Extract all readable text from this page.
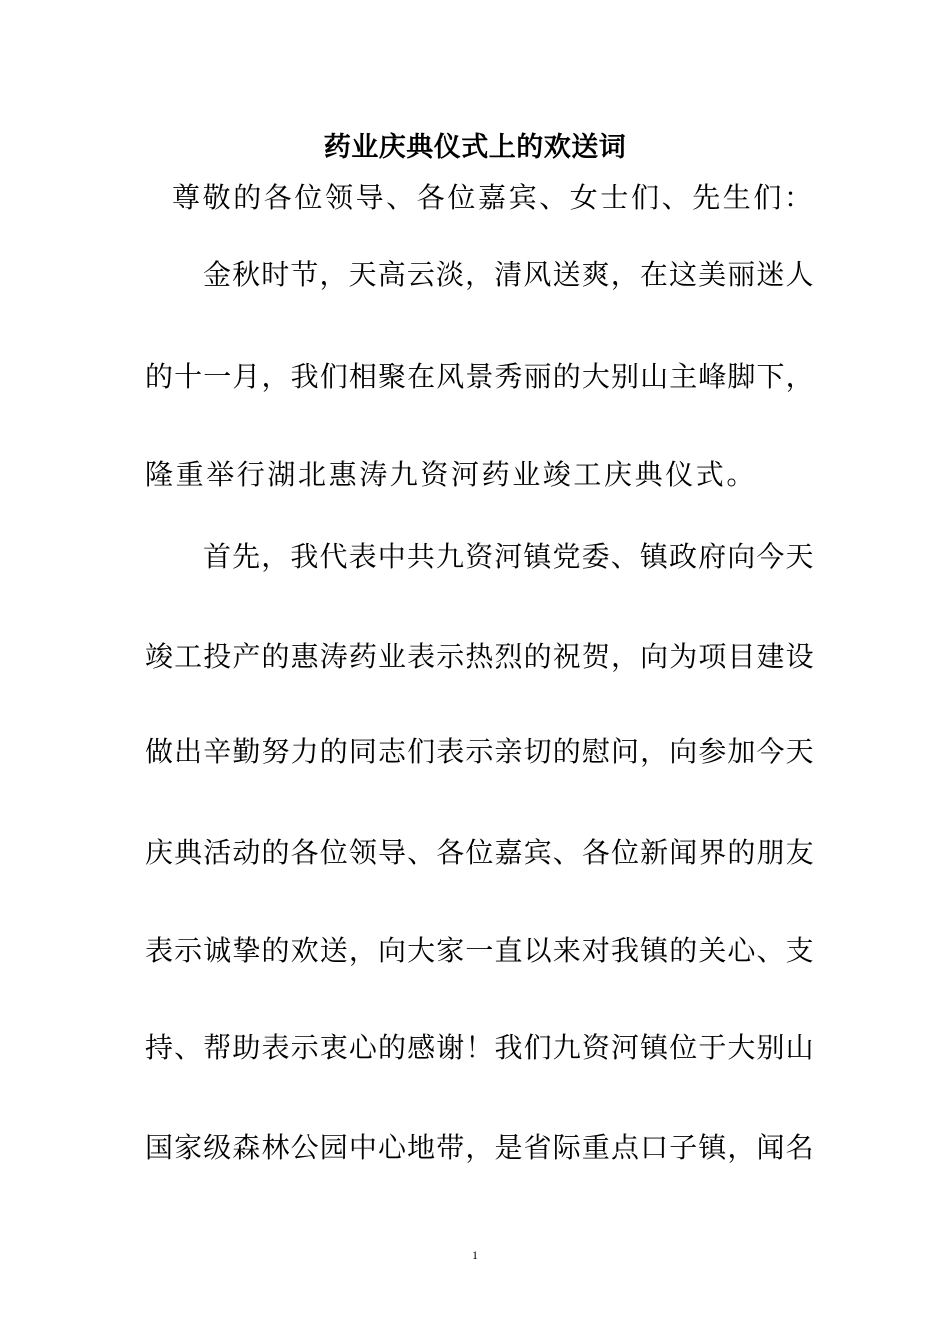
药业庆典仪式上的欢送词
尊敬的各位领导、各位嘉宾、女士们、先生们：
金秋时节，天高云淡，清风送爽，在这美丽迷人
的十一月，我们相聚在风景秀丽的大别山主峰脚下，
隆重举行湖北惠涛九资河药业竣工庆典仪式。
首先，我代表中共九资河镇党委、镇政府向今天
竣工投产的惠涛药业表示热烈的祝贺，向为项目建设
做出辛勤努力的同志们表示亲切的慰问，向参加今天
庆典活动的各位领导、各位嘉宾、各位新闻界的朋友
表示诚挚的欢送，向大家一直以来对我镇的关心、支
持、帮助表示衷心的感谢！我们九资河镇位于大别山
国家级森林公园中心地带，是省际重点口子镇，闻名
1
